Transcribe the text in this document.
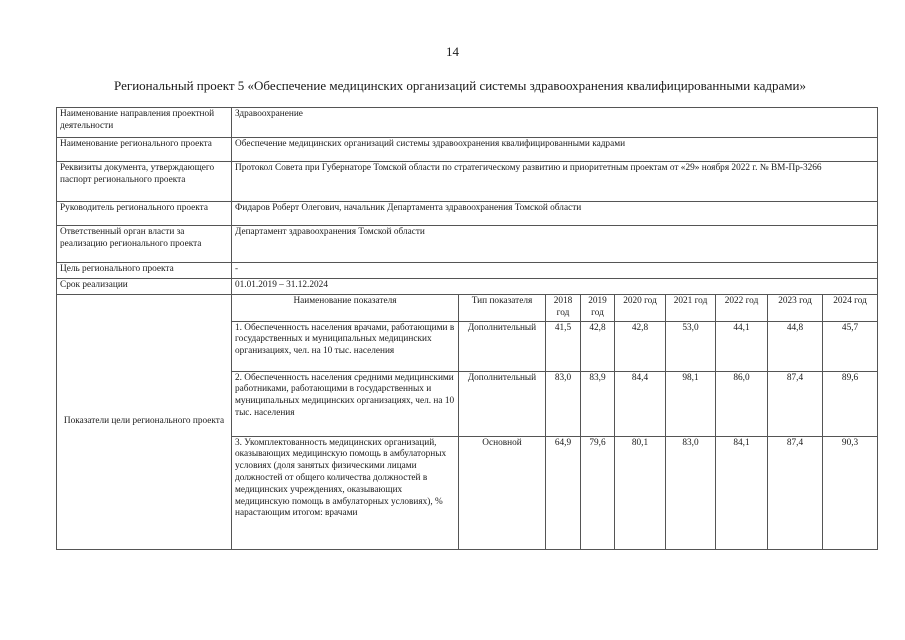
14
Региональный проект 5 «Обеспечение медицинских организаций системы здравоохранения квалифицированными кадрами»
Наименование направления проектной деятельности	Здравоохранение								
Наименование регионального проекта	Обеспечение медицинских организаций системы здравоохранения квалифицированными кадрами								
Реквизиты документа, утверждающего паспорт регионального проекта	Протокол Совета при Губернаторе Томской области по стратегическому развитию и приоритетным проектам от «29» ноября 2022 г. № ВМ-Пр-3266								
Руководитель регионального проекта	Фидаров Роберт Олегович, начальник Департамента здравоохранения Томской области								
Ответственный орган власти за реализацию регионального проекта	Департамент здравоохранения Томской области								
Цель регионального проекта	-								
Срок реализации	01.01.2019 – 31.12.2024								
Показатели цели регионального проекта	Наименование показателя	Тип показателя	2018 год	2019 год	2020 год	2021 год	2022 год	2023 год	2024 год
	1. Обеспеченность населения врачами, работающими в государственных и муниципальных медицинских организациях, чел. на 10 тыс. населения	Дополнительный	41,5	42,8	42,8	53,0	44,1	44,8	45,7
	2. Обеспеченность населения средними медицинскими работниками, работающими в государственных и муниципальных медицинских организациях, чел. на 10 тыс. населения	Дополнительный	83,0	83,9	84,4	98,1	86,0	87,4	89,6
	3. Укомплектованность медицинских организаций, оказывающих медицинскую помощь в амбулаторных условиях (доля занятых физическими лицами должностей от общего количества должностей в медицинских учреждениях, оказывающих медицинскую помощь в амбулаторных условиях), % нарастающим итогом: врачами	Основной	64,9	79,6	80,1	83,0	84,1	87,4	90,3
